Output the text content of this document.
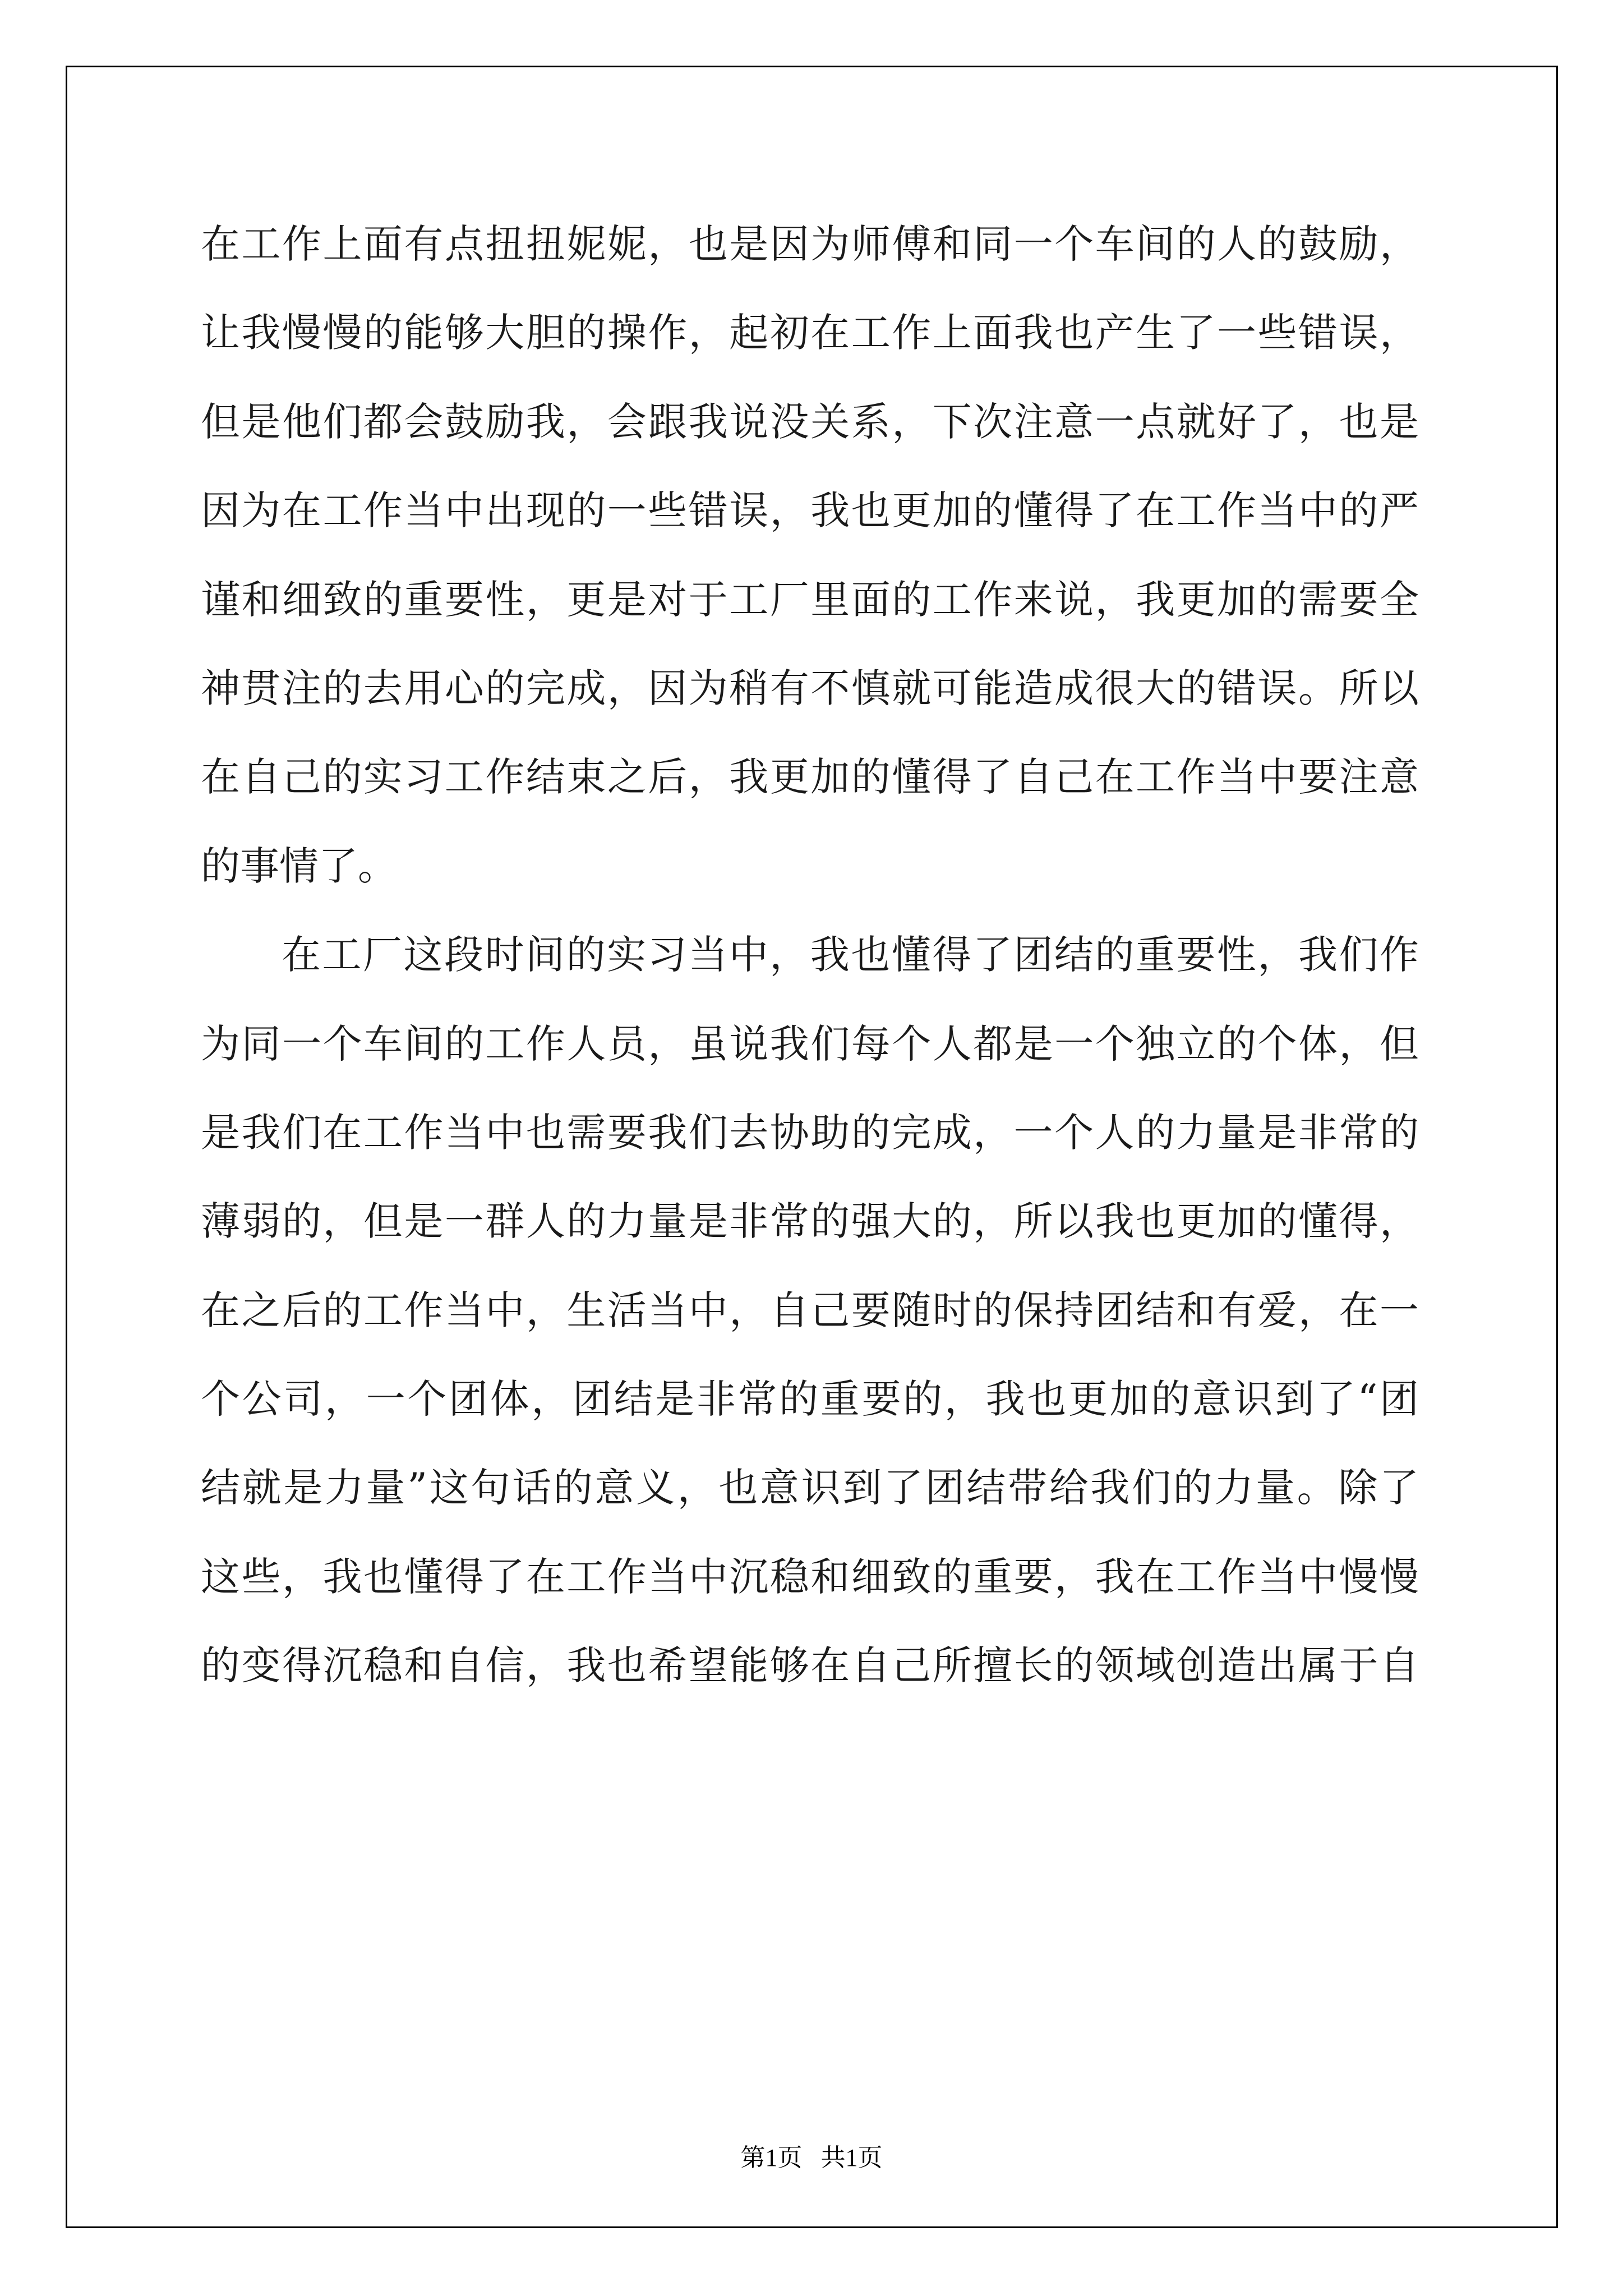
在工作上面有点扭扭妮妮，也是因为师傅和同一个车间的人的鼓励，
让我慢慢的能够大胆的操作，起初在工作上面我也产生了一些错误，
但是他们都会鼓励我，会跟我说没关系，下次注意一点就好了，也是
因为在工作当中出现的一些错误，我也更加的懂得了在工作当中的严
谨和细致的重要性，更是对于工厂里面的工作来说，我更加的需要全
神贯注的去用心的完成，因为稍有不慎就可能造成很大的错误。所以
在自己的实习工作结束之后，我更加的懂得了自己在工作当中要注意
的事情了。
在工厂这段时间的实习当中，我也懂得了团结的重要性，我们作
为同一个车间的工作人员，虽说我们每个人都是一个独立的个体，但
是我们在工作当中也需要我们去协助的完成，一个人的力量是非常的
薄弱的，但是一群人的力量是非常的强大的，所以我也更加的懂得，
在之后的工作当中，生活当中，自己要随时的保持团结和有爱，在一
个公司，一个团体，团结是非常的重要的，我也更加的意识到了“团
结就是力量”这句话的意义，也意识到了团结带给我们的力量。除了
这些，我也懂得了在工作当中沉稳和细致的重要，我在工作当中慢慢
的变得沉稳和自信，我也希望能够在自己所擅长的领域创造出属于自
第1页   共1页
